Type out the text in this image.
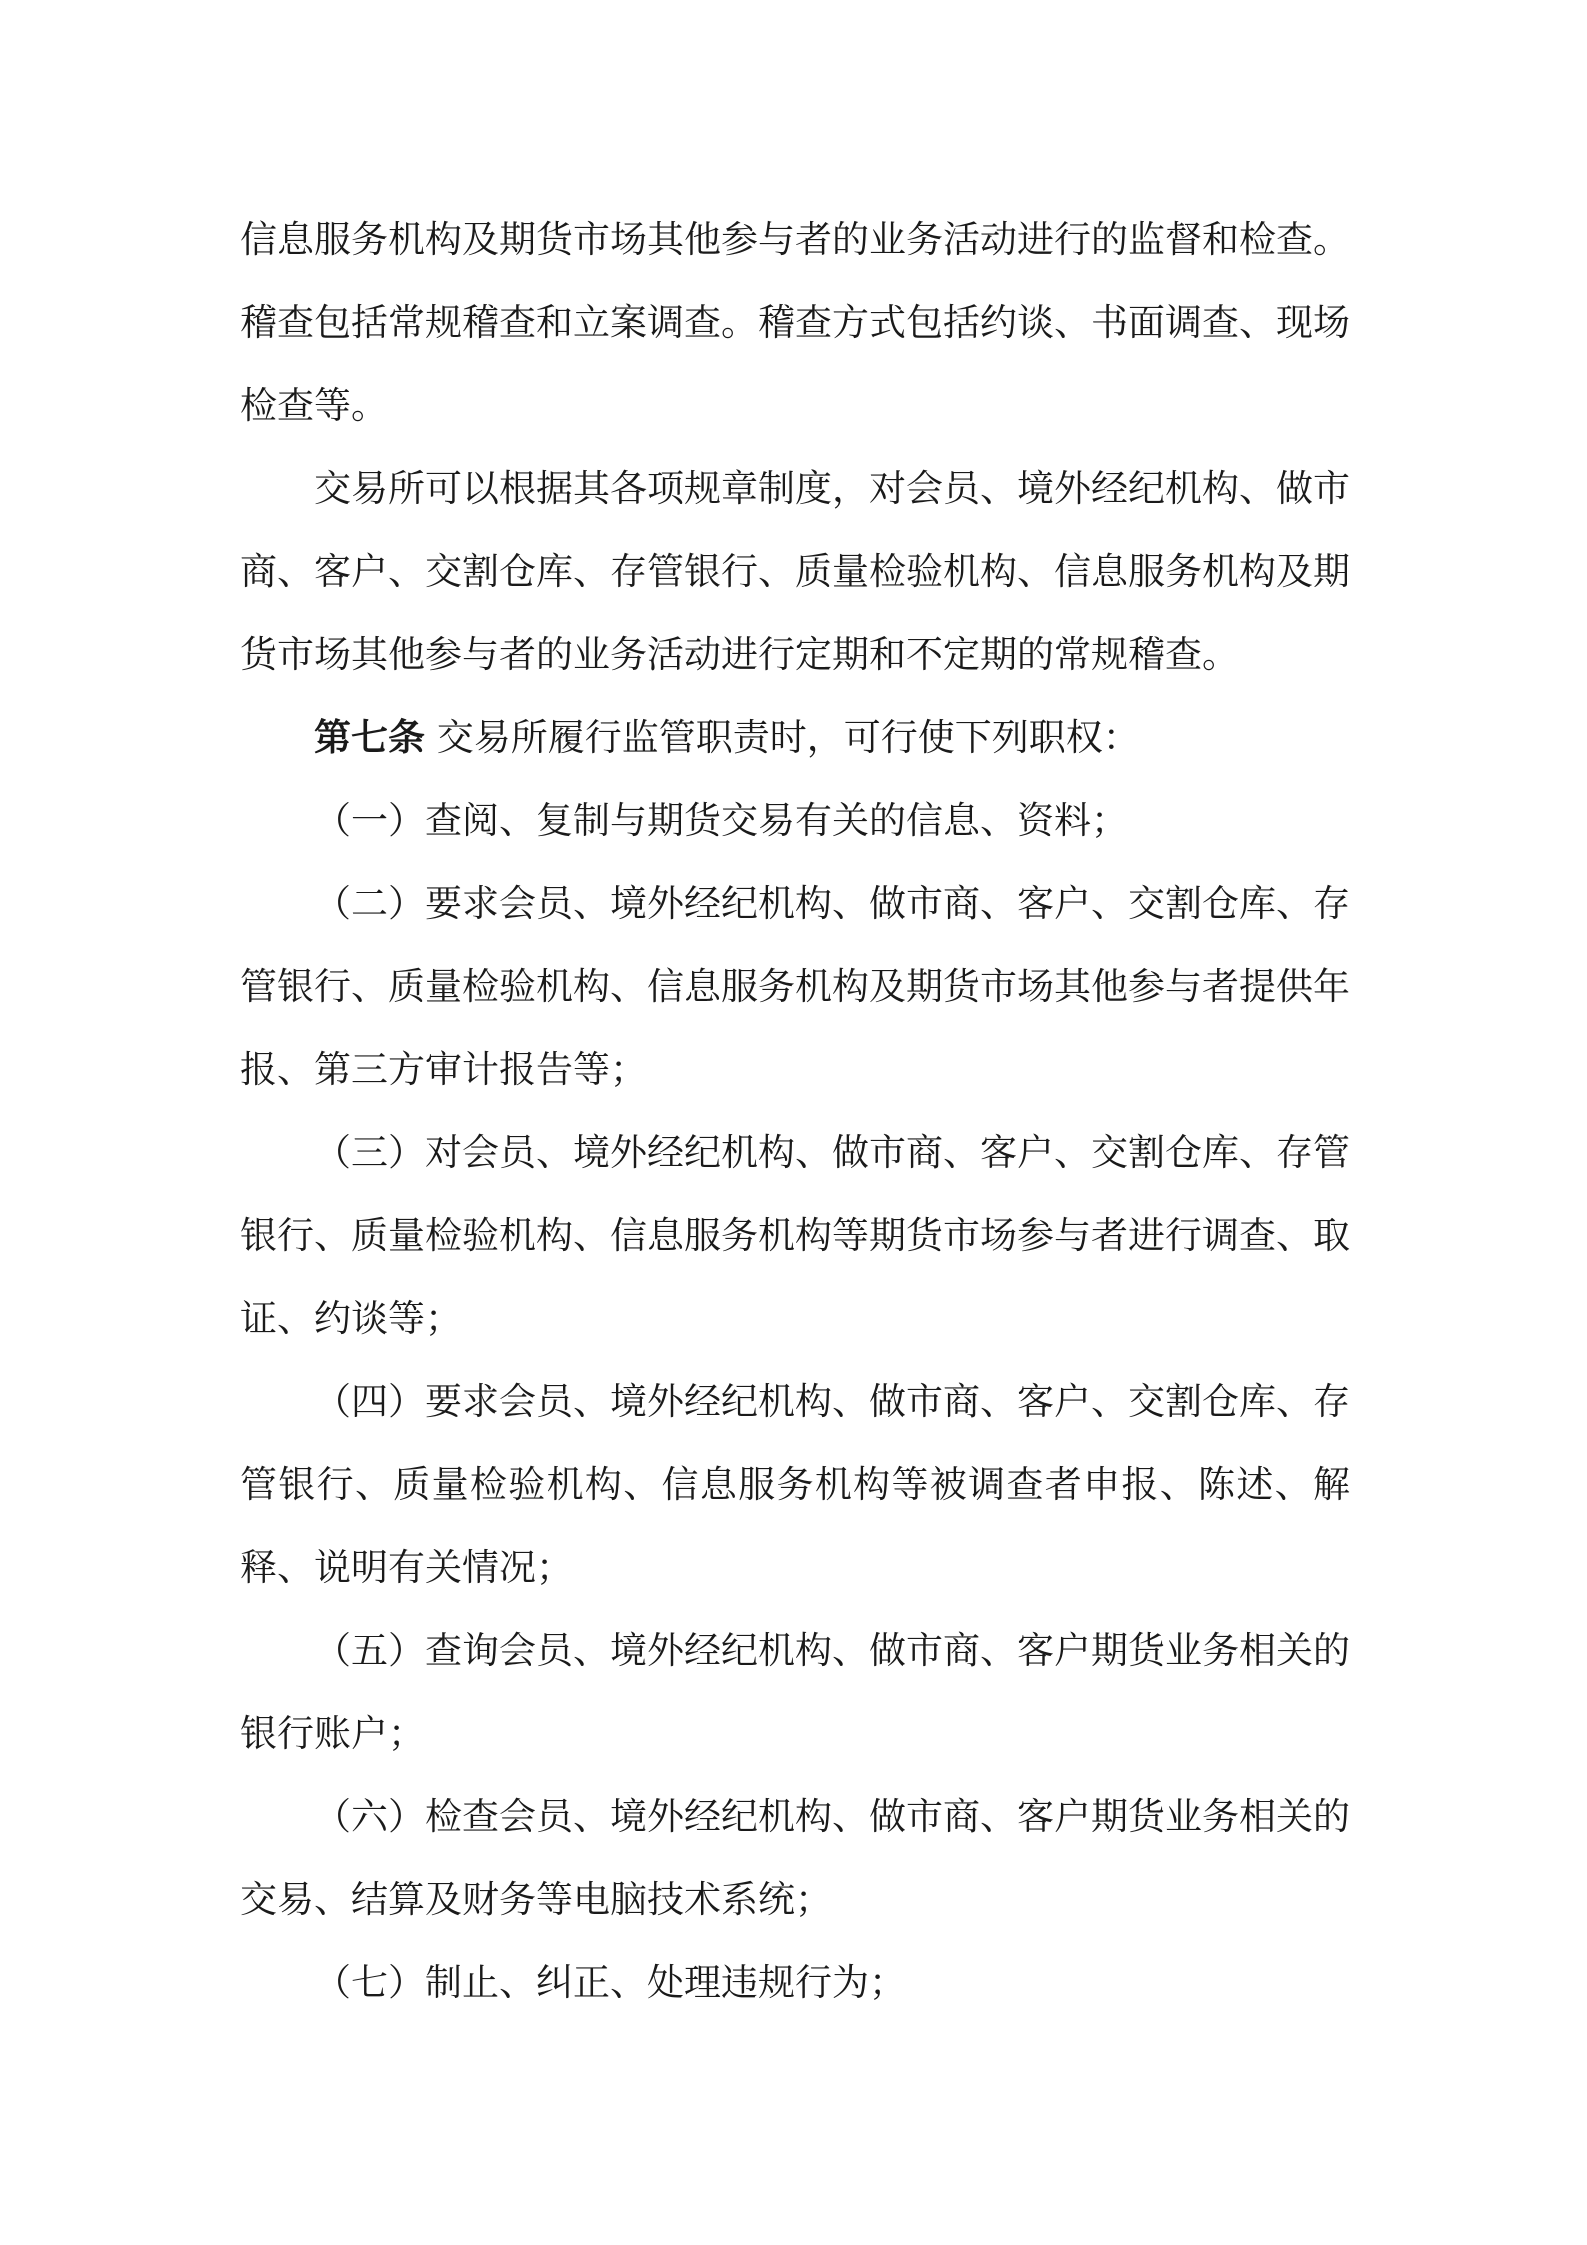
信息服务机构及期货市场其他参与者的业务活动进行的监督和检查。稽查包括常规稽查和立案调查。稽查方式包括约谈、书面调查、现场检查等。

交易所可以根据其各项规章制度，对会员、境外经纪机构、做市商、客户、交割仓库、存管银行、质量检验机构、信息服务机构及期货市场其他参与者的业务活动进行定期和不定期的常规稽查。

第七条 交易所履行监管职责时，可行使下列职权：

（一）查阅、复制与期货交易有关的信息、资料；

（二）要求会员、境外经纪机构、做市商、客户、交割仓库、存管银行、质量检验机构、信息服务机构及期货市场其他参与者提供年报、第三方审计报告等；

（三）对会员、境外经纪机构、做市商、客户、交割仓库、存管银行、质量检验机构、信息服务机构等期货市场参与者进行调查、取证、约谈等；

（四）要求会员、境外经纪机构、做市商、客户、交割仓库、存管银行、质量检验机构、信息服务机构等被调查者申报、陈述、解释、说明有关情况；

（五）查询会员、境外经纪机构、做市商、客户期货业务相关的银行账户；

（六）检查会员、境外经纪机构、做市商、客户期货业务相关的交易、结算及财务等电脑技术系统；

（七）制止、纠正、处理违规行为；
